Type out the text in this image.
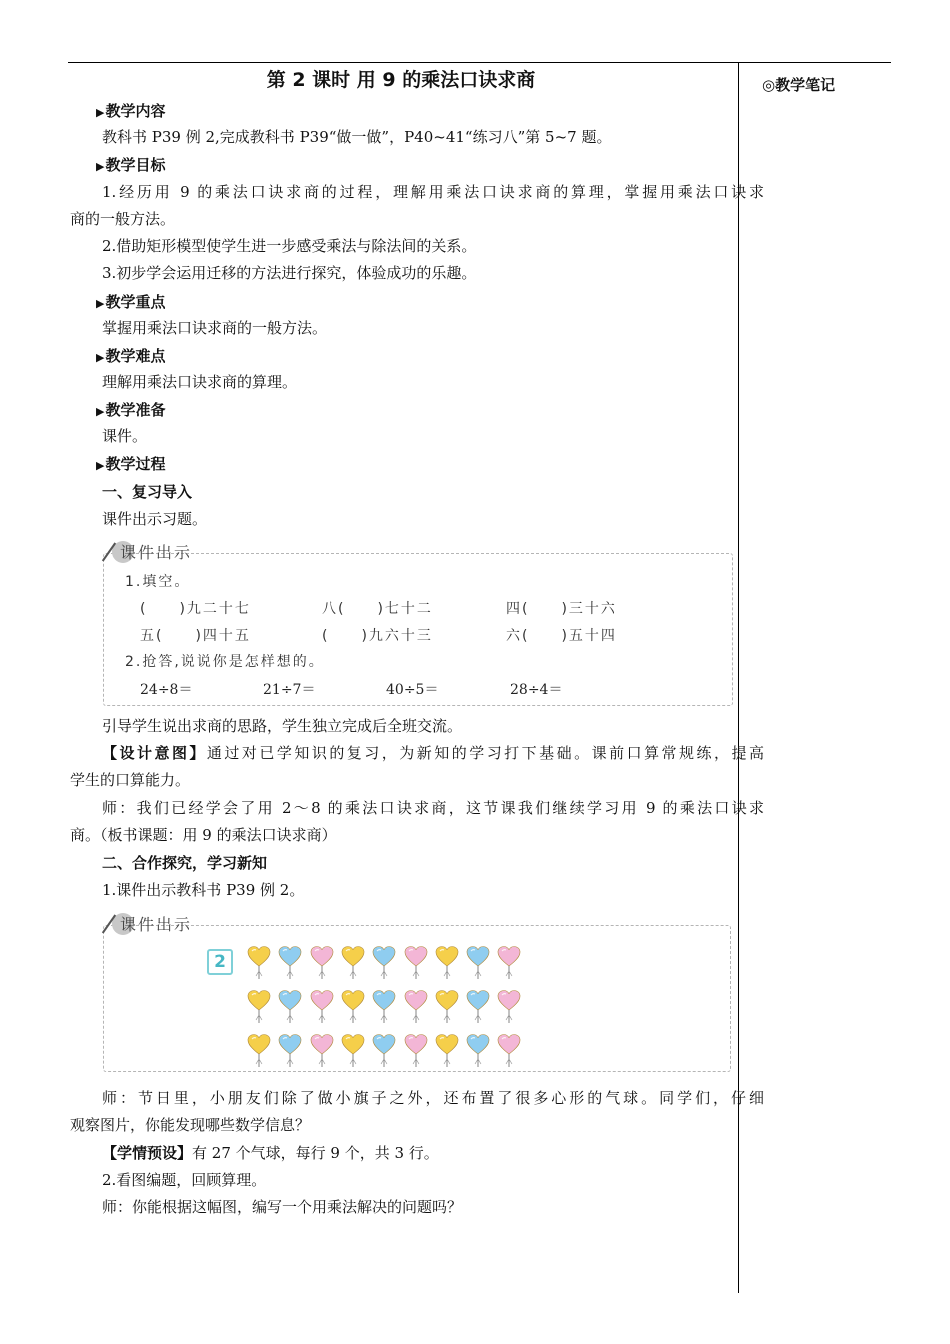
◎教学笔记
第 2 课时 用 9 的乘法口诀求商
▶教学内容
教科书 P39 例 2,完成教科书 P39“做一做”，P40~41“练习八”第 5~7 题。
▶教学目标
1.经历用 9 的乘法口诀求商的过程，理解用乘法口诀求商的算理，掌握用乘法口诀求
商的一般方法。
2.借助矩形模型使学生进一步感受乘法与除法间的关系。
3.初步学会运用迁移的方法进行探究，体验成功的乐趣。
▶教学重点
掌握用乘法口诀求商的一般方法。
▶教学难点
理解用乘法口诀求商的算理。
▶教学准备
课件。
▶教学过程
一、复习导入
课件出示习题。
课件出示
1.填空。
(　　)九二十七	八(　　)七十二	四(　　)三十六
五(　　)四十五	(　　)九六十三	六(　　)五十四
2.抢答,说说你是怎样想的。
24÷8＝	21÷7＝	40÷5＝	28÷4＝
引导学生说出求商的思路，学生独立完成后全班交流。
【设计意图】通过对已学知识的复习，为新知的学习打下基础。课前口算常规练，提高
学生的口算能力。
师：我们已经学会了用 2～8 的乘法口诀求商，这节课我们继续学习用 9 的乘法口诀求
商。（板书课题：用 9 的乘法口诀求商）
二、合作探究，学习新知
1.课件出示教科书 P39 例 2。
课件出示
2
师：节日里，小朋友们除了做小旗子之外，还布置了很多心形的气球。同学们，仔细
观察图片，你能发现哪些数学信息？
【学情预设】有 27 个气球，每行 9 个，共 3 行。
2.看图编题，回顾算理。
师：你能根据这幅图，编写一个用乘法解决的问题吗？
